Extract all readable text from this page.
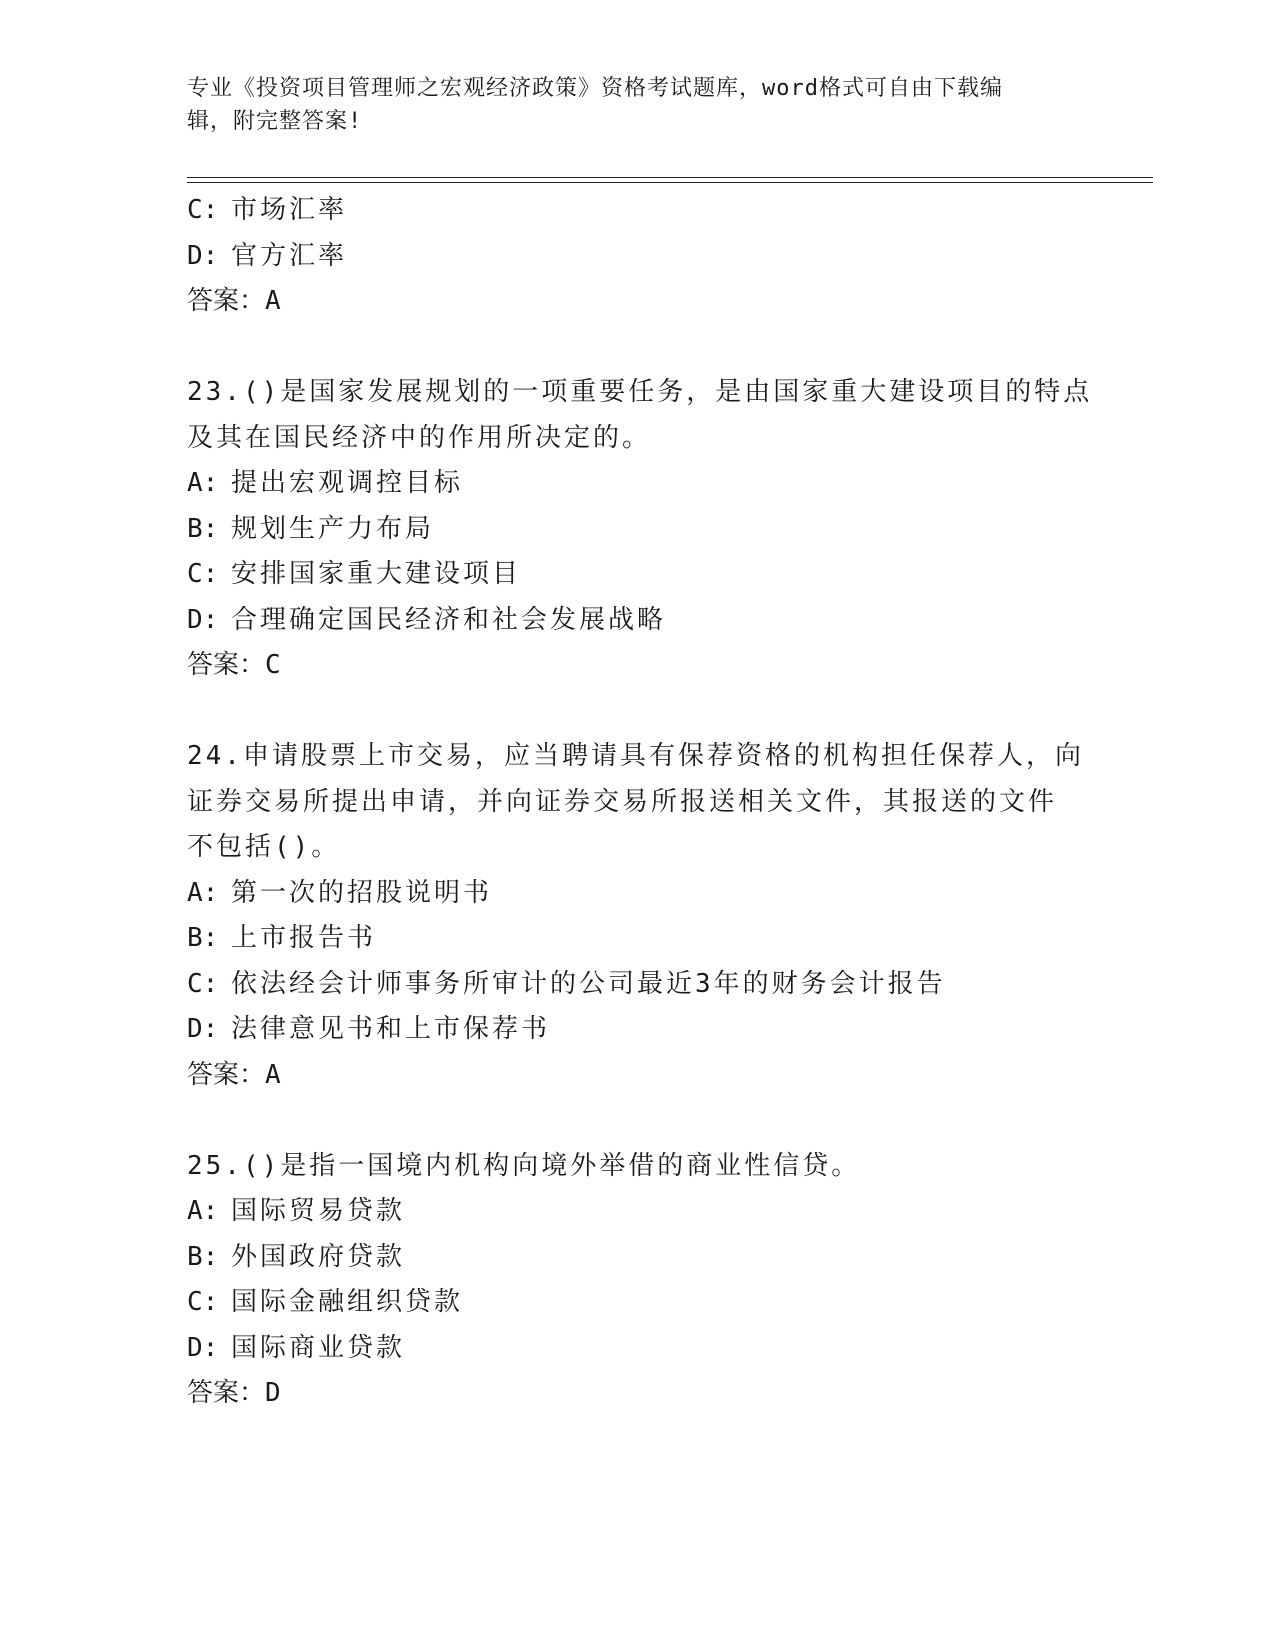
专业《投资项目管理师之宏观经济政策》资格考试题库，word格式可自由下载编
辑，附完整答案!
C: 市场汇率
D: 官方汇率
答案：A
23.()是国家发展规划的一项重要任务，是由国家重大建设项目的特点
及其在国民经济中的作用所决定的。
A: 提出宏观调控目标
B: 规划生产力布局
C: 安排国家重大建设项目
D: 合理确定国民经济和社会发展战略
答案：C
24.申请股票上市交易，应当聘请具有保荐资格的机构担任保荐人，向
证券交易所提出申请，并向证券交易所报送相关文件，其报送的文件
不包括()。
A: 第一次的招股说明书
B: 上市报告书
C: 依法经会计师事务所审计的公司最近3年的财务会计报告
D: 法律意见书和上市保荐书
答案：A
25.()是指一国境内机构向境外举借的商业性信贷。
A: 国际贸易贷款
B: 外国政府贷款
C: 国际金融组织贷款
D: 国际商业贷款
答案：D
